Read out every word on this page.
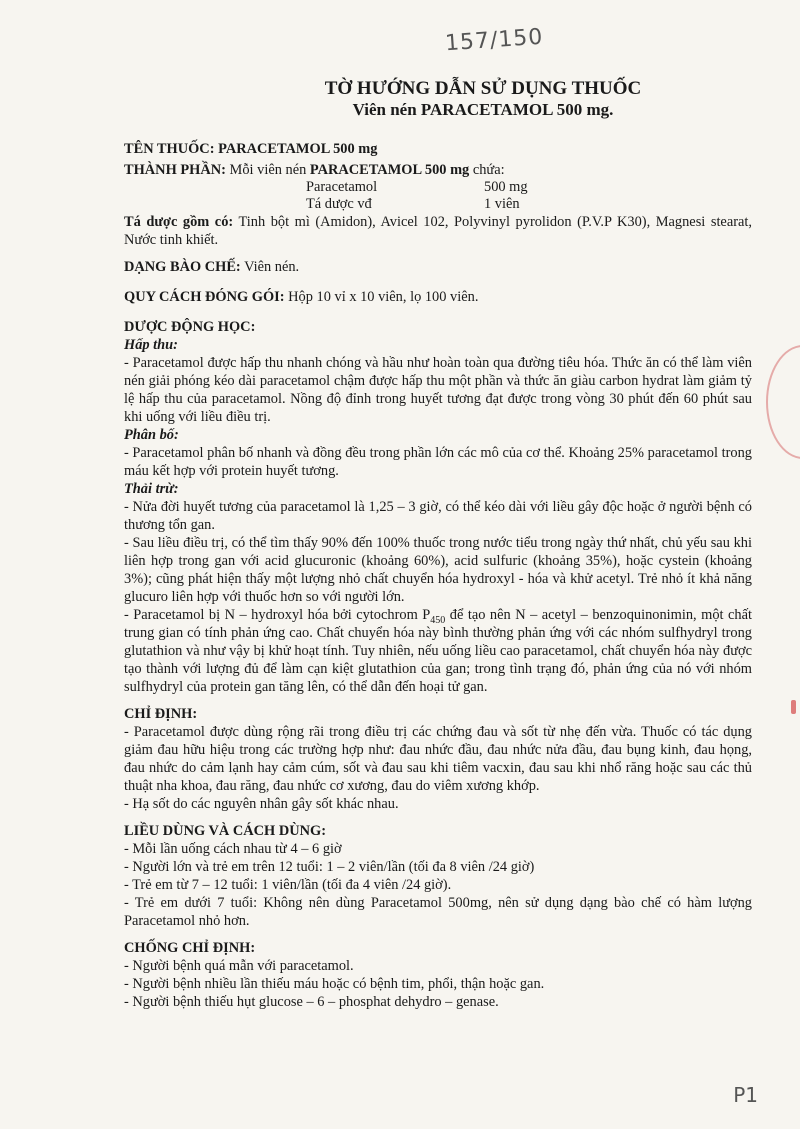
157/150
TỜ HƯỚNG DẪN SỬ DỤNG THUỐC
Viên nén PARACETAMOL 500 mg.

TÊN THUỐC: PARACETAMOL 500 mg

THÀNH PHẦN: Mỗi viên nén PARACETAMOL 500 mg chứa:

Paracetamol	500 mg
Tá dược vđ	1 viên

Tá dược gồm có: Tinh bột mì (Amidon), Avicel 102, Polyvinyl pyrolidon (P.V.P K30), Magnesi stearat, Nước tinh khiết.

DẠNG BÀO CHẾ: Viên nén.

QUY CÁCH ĐÓNG GÓI: Hộp 10 vỉ x 10 viên, lọ 100 viên.

DƯỢC ĐỘNG HỌC:

Hấp thu:

- Paracetamol được hấp thu nhanh chóng và hầu như hoàn toàn qua đường tiêu hóa. Thức ăn có thể làm viên nén giải phóng kéo dài paracetamol chậm được hấp thu một phần và thức ăn giàu carbon hydrat làm giảm tỷ lệ hấp thu của paracetamol. Nồng độ đỉnh trong huyết tương đạt được trong vòng 30 phút đến 60 phút sau khi uống với liều điều trị.

Phân bố:

- Paracetamol phân bố nhanh và đồng đều trong phần lớn các mô của cơ thể. Khoảng 25% paracetamol trong máu kết hợp với protein huyết tương.

Thải trừ:

- Nửa đời huyết tương của paracetamol là 1,25 – 3 giờ, có thể kéo dài với liều gây độc hoặc ở người bệnh có thương tổn gan.

- Sau liều điều trị, có thể tìm thấy 90% đến 100% thuốc trong nước tiểu trong ngày thứ nhất, chủ yếu sau khi liên hợp trong gan với acid glucuronic (khoảng 60%), acid sulfuric (khoảng 35%), hoặc cystein (khoảng 3%); cũng phát hiện thấy một lượng nhỏ chất chuyển hóa hydroxyl - hóa và khử acetyl. Trẻ nhỏ ít khả năng glucuro liên hợp với thuốc hơn so với người lớn.

- Paracetamol bị N – hydroxyl hóa bởi cytochrom $P_{450}$ để tạo nên N – acetyl – benzoquinonimin, một chất trung gian có tính phản ứng cao. Chất chuyển hóa này bình thường phản ứng với các nhóm sulfhydryl trong glutathion và như vậy bị khử hoạt tính. Tuy nhiên, nếu uống liều cao paracetamol, chất chuyển hóa này được tạo thành với lượng đủ để làm cạn kiệt glutathion của gan; trong tình trạng đó, phản ứng của nó với nhóm sulfhydryl của protein gan tăng lên, có thể dẫn đến hoại tử gan.

CHỈ ĐỊNH:

- Paracetamol được dùng rộng rãi trong điều trị các chứng đau và sốt từ nhẹ đến vừa. Thuốc có tác dụng giảm đau hữu hiệu trong các trường hợp như: đau nhức đầu, đau nhức nửa đầu, đau bụng kinh, đau họng, đau nhức do cảm lạnh hay cảm cúm, sốt và đau sau khi tiêm vacxin, đau sau khi nhổ răng hoặc sau các thủ thuật nha khoa, đau răng, đau nhức cơ xương, đau do viêm xương khớp.

- Hạ sốt do các nguyên nhân gây sốt khác nhau.

LIỀU DÙNG VÀ CÁCH DÙNG:

- Mỗi lần uống cách nhau từ 4 – 6 giờ

- Người lớn và trẻ em trên 12 tuổi: 1 – 2 viên/lần (tối đa 8 viên /24 giờ)

- Trẻ em từ 7 – 12 tuổi: 1 viên/lần (tối đa 4 viên /24 giờ).

- Trẻ em dưới 7 tuổi: Không nên dùng Paracetamol 500mg, nên sử dụng dạng bào chế có hàm lượng Paracetamol nhỏ hơn.

CHỐNG CHỈ ĐỊNH:

- Người bệnh quá mẫn với paracetamol.

- Người bệnh nhiều lần thiếu máu hoặc có bệnh tim, phổi, thận hoặc gan.

- Người bệnh thiếu hụt glucose – 6 – phosphat dehydro – genase.

P1
